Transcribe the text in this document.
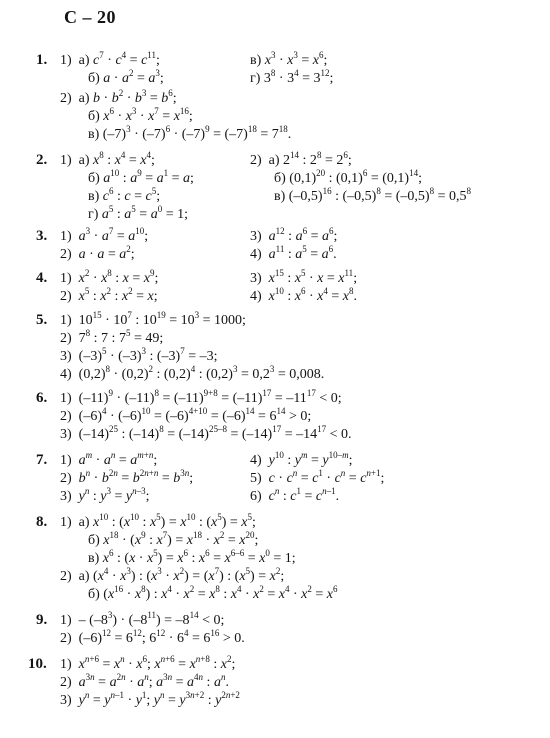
С – 20
1. 1)  а) $c^7 \cdot c^4 = c^{11}$;	в) $x^3 \cdot x^3 = x^6$;
б) $a \cdot a^2 = a^3$;	г) $3^8 \cdot 3^4 = 3^{12}$;
2)  а) $b \cdot b^2 \cdot b^3 = b^6$;
б) $x^6 \cdot x^3 \cdot x^7 = x^{16}$;
в) $(-7)^3 \cdot (-7)^6 \cdot (-7)^9 = (-7)^{18} = 7^{18}$.
2. 1)  а) $x^8$ : $x^4 = x^4$;	2)  а) $2^{14}$ : $2^8 = 2^6$;
б) $a^{10}$ : $a^9 = a^1 = a$;	б) $(0,1)^{20}$ : $(0,1)^6 = (0,1)^{14}$;
в) $c^6$ : $c = c^5$;	в) $(-0,5)^{16}$ : $(-0,5)^8 = (-0,5)^8 = 0,5^8$
г) $a^5$ : $a^5 = a^0 = 1$;
3. 1)  $a^3 \cdot a^7 = a^{10}$;	3)  $a^{12}$ : $a^6 = a^6$;
2)  $a \cdot a = a^2$;	4)  $a^{11}$ : $a^5 = a^6$.
4. 1)  $x^2 \cdot x^8$ : $x = x^9$;	3)  $x^{15}$ : $x^5 \cdot x = x^{11}$;
2)  $x^5$ : $x^2$ : $x^2 = x$;	4)  $x^{10}$ : $x^6 \cdot x^4 = x^8$.
5. 1)  $10^{15} \cdot 10^7$ : $10^{19} = 10^3 = 1000$;
2)  $7^8$ : 7 : $7^5 = 49$;
3)  $(-3)^5 \cdot (-3)^3$ : $(-3)^7 = -3$;
4)  $(0,2)^8 \cdot (0,2)^2$ : $(0,2)^4$ : $(0,2)^3 = 0,2^3 = 0,008$.
6. 1)  $(-11)^9 \cdot (-11)^8 = (-11)^{9+8} = (-11)^{17} = -11^{17} < 0$;
2)  $(-6)^4 \cdot (-6)^{10} = (-6)^{4+10} = (-6)^{14} = 6^{14} > 0$;
3)  $(-14)^{25}$ : $(-14)^8 = (-14)^{25-8} = (-14)^{17} = -14^{17} < 0$.
7. 1)  $a^m \cdot a^n = a^{m+n}$;	4)  $y^{10}$ : $y^m = y^{10-m}$;
2)  $b^n \cdot b^{2n} = b^{2n+n} = b^{3n}$;	5)  $c \cdot c^n = c^1 \cdot c^n = c^{n+1}$;
3)  $y^n$ : $y^3 = y^{n-3}$;	6)  $c^n$ : $c^1 = c^{n-1}$.
8. 1)  а) $x^{10}$ : ($x^{10}$ : $x^5) = x^{10}$ : $(x^5) = x^5$;
б) $x^{18} \cdot (x^9$ : $x^7) = x^{18} \cdot x^2 = x^{20}$;
в) $x^6$ : $(x \cdot x^5) = x^6$ : $x^6 = x^{6-6} = x^0 = 1$;
2)  а) $(x^4 \cdot x^3)$ : $(x^3 \cdot x^2) = (x^7)$ : $(x^5) = x^2$;
б) $(x^{16} \cdot x^8)$ : $x^4 \cdot x^2 = x^8$ : $x^4 \cdot x^2 = x^4 \cdot x^2 = x^6$
9. $1) - (-8^3) \cdot (-8^{11}) = -8^{14} < 0$;
2)  $(-6)^{12} = 6^{12}$; $6^{12} \cdot 6^4 = 6^{16} > 0$.
10. 1)  $x^{n+6} = x^n \cdot x^6$; $x^{n+6} = x^{n+8}$ : $x^2$;
2)  $a^{3n} = a^{2n} \cdot a^n$; $a^{3n} = a^{4n}$ : $a^n$.
3)  $y^n = y^{n-1} \cdot y^1$; $y^n = y^{3n+2}$ : $y^{2n+2}$
